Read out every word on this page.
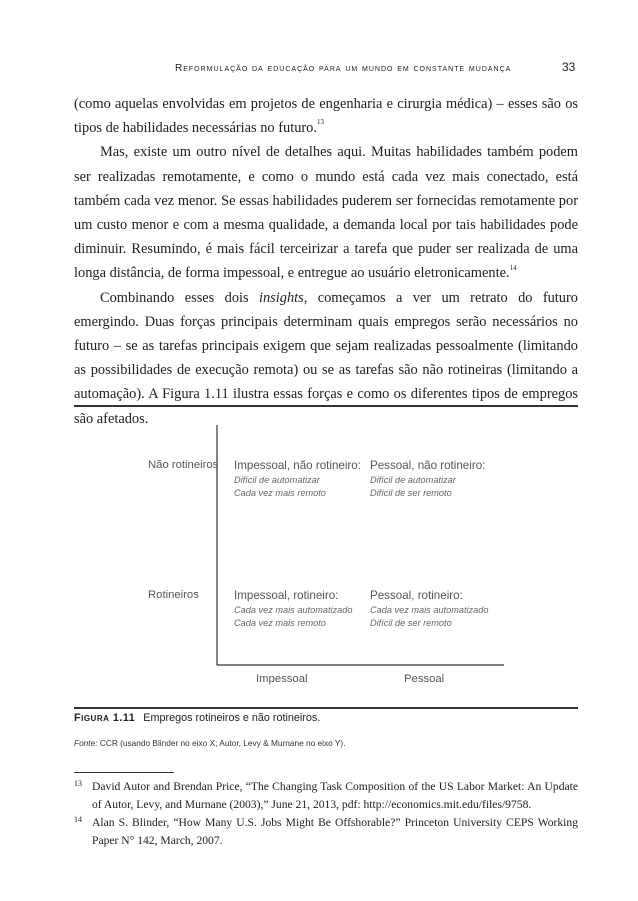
Reformulação da educação para um mundo em constante mudança	33

(como aquelas envolvidas em projetos de engenharia e cirurgia médica) – esses são os tipos de habilidades necessárias no futuro.$^{13}$

Mas, existe um outro nível de detalhes aqui. Muitas habilidades também podem ser realizadas remotamente, e como o mundo está cada vez mais conectado, está também cada vez menor. Se essas habilidades puderem ser fornecidas remotamente por um custo menor e com a mesma qualidade, a demanda local por tais habilidades pode diminuir. Resumindo, é mais fácil terceirizar a tarefa que puder ser realizada de uma longa distância, de forma impessoal, e entregue ao usuário eletronicamente.$^{14}$

Combinando esses dois insights, começamos a ver um retrato do futuro emergindo. Duas forças principais determinam quais empregos serão necessários no futuro – se as tarefas principais exigem que sejam realizadas pessoalmente (limitando as possibilidades de execução remota) ou se as tarefas são não rotineiras (limitando a automação). A Figura 1.11 ilustra essas forças e como os diferentes tipos de empregos são afetados.

Não rotineiros
Rotineiros
Impessoal, não rotineiro:
Difícil de automatizar
Cada vez mais remoto
Pessoal, não rotineiro:
Difícil de automatizar
Difícil de ser remoto
Impessoal, rotineiro:
Cada vez mais automatizado
Cada vez mais remoto
Pessoal, rotineiro:
Cada vez mais automatizado
Difícil de ser remoto
Impessoal	Pessoal
Figura 1.11 Empregos rotineiros e não rotineiros.
Fonte: CCR (usando Blinder no eixo X; Autor, Levy & Murnane no eixo Y).
13 David Autor and Brendan Price, “The Changing Task Composition of the US Labor Market: An Update of Autor, Levy, and Murnane (2003),” June 21, 2013, pdf: http://economics.mit.edu/files/9758.
14 Alan S. Blinder, “How Many U.S. Jobs Might Be Offshorable?” Princeton University CEPS Working Paper N° 142, March, 2007.
